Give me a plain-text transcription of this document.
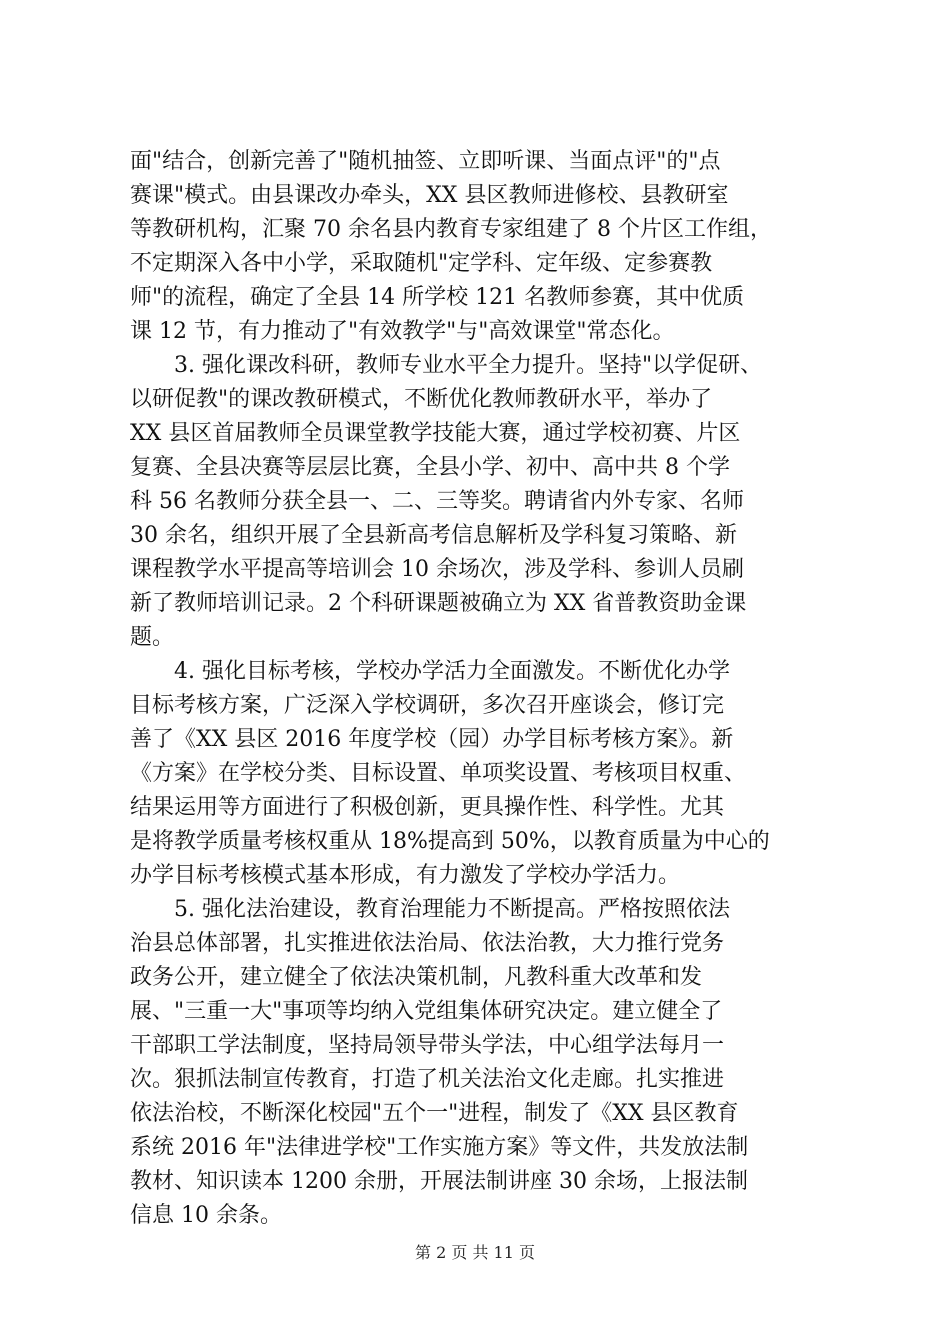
面"结合，创新完善了"随机抽签、立即听课、当面点评"的"点
赛课"模式。由县课改办牵头，XX 县区教师进修校、县教研室
等教研机构，汇聚 70 余名县内教育专家组建了 8 个片区工作组，
不定期深入各中小学，采取随机"定学科、定年级、定参赛教
师"的流程，确定了全县 14 所学校 121 名教师参赛，其中优质
课 12 节，有力推动了"有效教学"与"高效课堂"常态化。
　　3. 强化课改科研，教师专业水平全力提升。坚持"以学促研、
以研促教"的课改教研模式，不断优化教师教研水平，举办了
XX 县区首届教师全员课堂教学技能大赛，通过学校初赛、片区
复赛、全县决赛等层层比赛，全县小学、初中、高中共 8 个学
科 56 名教师分获全县一、二、三等奖。聘请省内外专家、名师
30 余名，组织开展了全县新高考信息解析及学科复习策略、新
课程教学水平提高等培训会 10 余场次，涉及学科、参训人员刷
新了教师培训记录。2 个科研课题被确立为 XX 省普教资助金课
题。
　　4. 强化目标考核，学校办学活力全面激发。不断优化办学
目标考核方案，广泛深入学校调研，多次召开座谈会，修订完
善了《XX 县区 2016 年度学校（园）办学目标考核方案》。新
《方案》在学校分类、目标设置、单项奖设置、考核项目权重、
结果运用等方面进行了积极创新，更具操作性、科学性。尤其
是将教学质量考核权重从 18%提高到 50%，以教育质量为中心的
办学目标考核模式基本形成，有力激发了学校办学活力。
　　5. 强化法治建设，教育治理能力不断提高。严格按照依法
治县总体部署，扎实推进依法治局、依法治教，大力推行党务
政务公开，建立健全了依法决策机制，凡教科重大改革和发
展、"三重一大"事项等均纳入党组集体研究决定。建立健全了
干部职工学法制度，坚持局领导带头学法，中心组学法每月一
次。狠抓法制宣传教育，打造了机关法治文化走廊。扎实推进
依法治校，不断深化校园"五个一"进程，制发了《XX 县区教育
系统 2016 年"法律进学校"工作实施方案》等文件，共发放法制
教材、知识读本 1200 余册，开展法制讲座 30 余场，上报法制
信息 10 余条。
第 2 页 共 11 页
